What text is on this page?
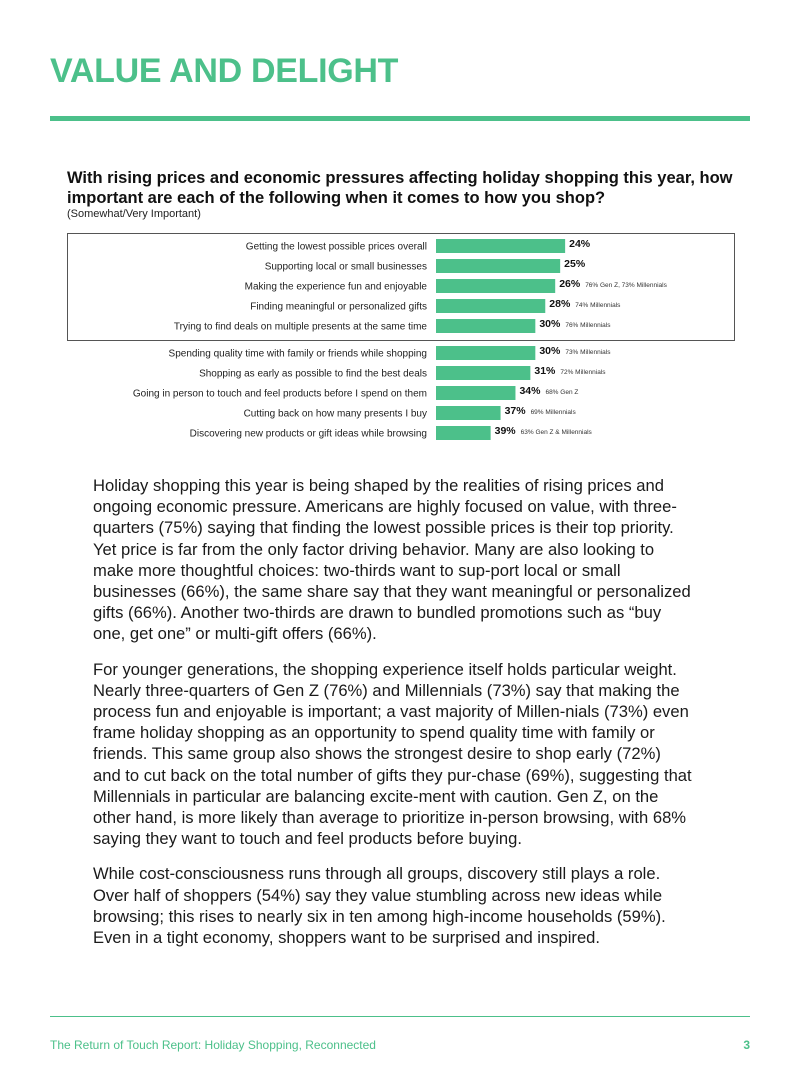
VALUE AND DELIGHT
With rising prices and economic pressures affecting holiday shopping this year, how important are each of the following when it comes to how you shop?
(Somewhat/Very Important)
Getting the lowest possible prices overall	24%
Supporting local or small businesses	25%
Making the experience fun and enjoyable	26% 76% Gen Z, 73% Millennials
Finding meaningful or personalized gifts	28% 74% Millennials
Trying to find deals on multiple presents at the same time	30% 76% Millennials
Spending quality time with family or friends while shopping	30% 73% Millennials
Shopping as early as possible to find the best deals	31% 72% Millennials
Going in person to touch and feel products before I spend on them	34% 68% Gen Z
Cutting back on how many presents I buy	37% 69% Millennials
Discovering new products or gift ideas while browsing	39% 63% Gen Z & Millennials

Holiday shopping this year is being shaped by the realities of rising prices and ongoing economic pressure. Americans are highly focused on value, with three-quarters (75%) saying that finding the lowest possible prices is their top priority. Yet price is far from the only factor driving behavior. Many are also looking to make more thoughtful choices: two-thirds want to sup-port local or small businesses (66%), the same share say that they want meaningful or personalized gifts (66%). Another two-thirds are drawn to bundled promotions such as “buy one, get one” or multi-gift offers (66%).

For younger generations, the shopping experience itself holds particular weight. Nearly three-quarters of Gen Z (76%) and Millennials (73%) say that making the process fun and enjoyable is important; a vast majority of Millen-nials (73%) even frame holiday shopping as an opportunity to spend quality time with family or friends. This same group also shows the strongest desire to shop early (72%) and to cut back on the total number of gifts they pur-chase (69%), suggesting that Millennials in particular are balancing excite-ment with caution. Gen Z, on the other hand, is more likely than average to prioritize in-person browsing, with 68% saying they want to touch and feel products before buying.

While cost-consciousness runs through all groups, discovery still plays a role. Over half of shoppers (54%) say they value stumbling across new ideas while browsing; this rises to nearly six in ten among high-income households (59%). Even in a tight economy, shoppers want to be surprised and inspired.

The Return of Touch Report: Holiday Shopping, Reconnected	3
